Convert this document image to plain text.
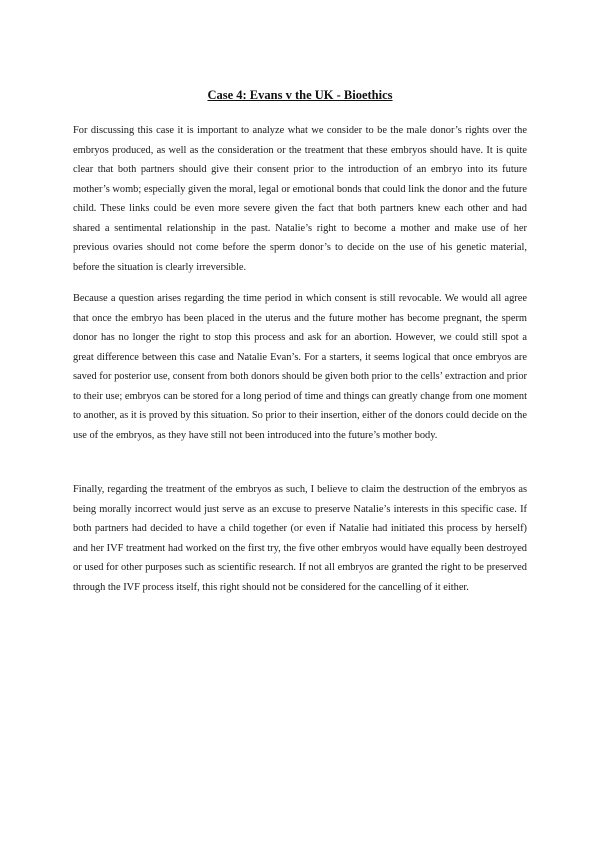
Case 4: Evans v the UK - Bioethics

For discussing this case it is important to analyze what we consider to be the male donor’s rights over the embryos produced, as well as the consideration or the treatment that these embryos should have. It is quite clear that both partners should give their consent prior to the introduction of an embryo into its future mother’s womb; especially given the moral, legal or emotional bonds that could link the donor and the future child. These links could be even more severe given the fact that both partners knew each other and had shared a sentimental relationship in the past. Natalie’s right to become a mother and make use of her previous ovaries should not come before the sperm donor’s to decide on the use of his genetic material, before the situation is clearly irreversible.

Because a question arises regarding the time period in which consent is still revocable. We would all agree that once the embryo has been placed in the uterus and the future mother has become pregnant, the sperm donor has no longer the right to stop this process and ask for an abortion. However, we could still spot a great difference between this case and Natalie Evan’s. For a starters, it seems logical that once embryos are saved for posterior use, consent from both donors should be given both prior to the cells’ extraction and prior to their use; embryos can be stored for a long period of time and things can greatly change from one moment to another, as it is proved by this situation. So prior to their insertion, either of the donors could decide on the use of the embryos, as they have still not been introduced into the future’s mother body.

Finally, regarding the treatment of the embryos as such, I believe to claim the destruction of the embryos as being morally incorrect would just serve as an excuse to preserve Natalie’s interests in this specific case. If both partners had decided to have a child together (or even if Natalie had initiated this process by herself) and her IVF treatment had worked on the first try, the five other embryos would have equally been destroyed or used for other purposes such as scientific research. If not all embryos are granted the right to be preserved through the IVF process itself, this right should not be considered for the cancelling of it either.
